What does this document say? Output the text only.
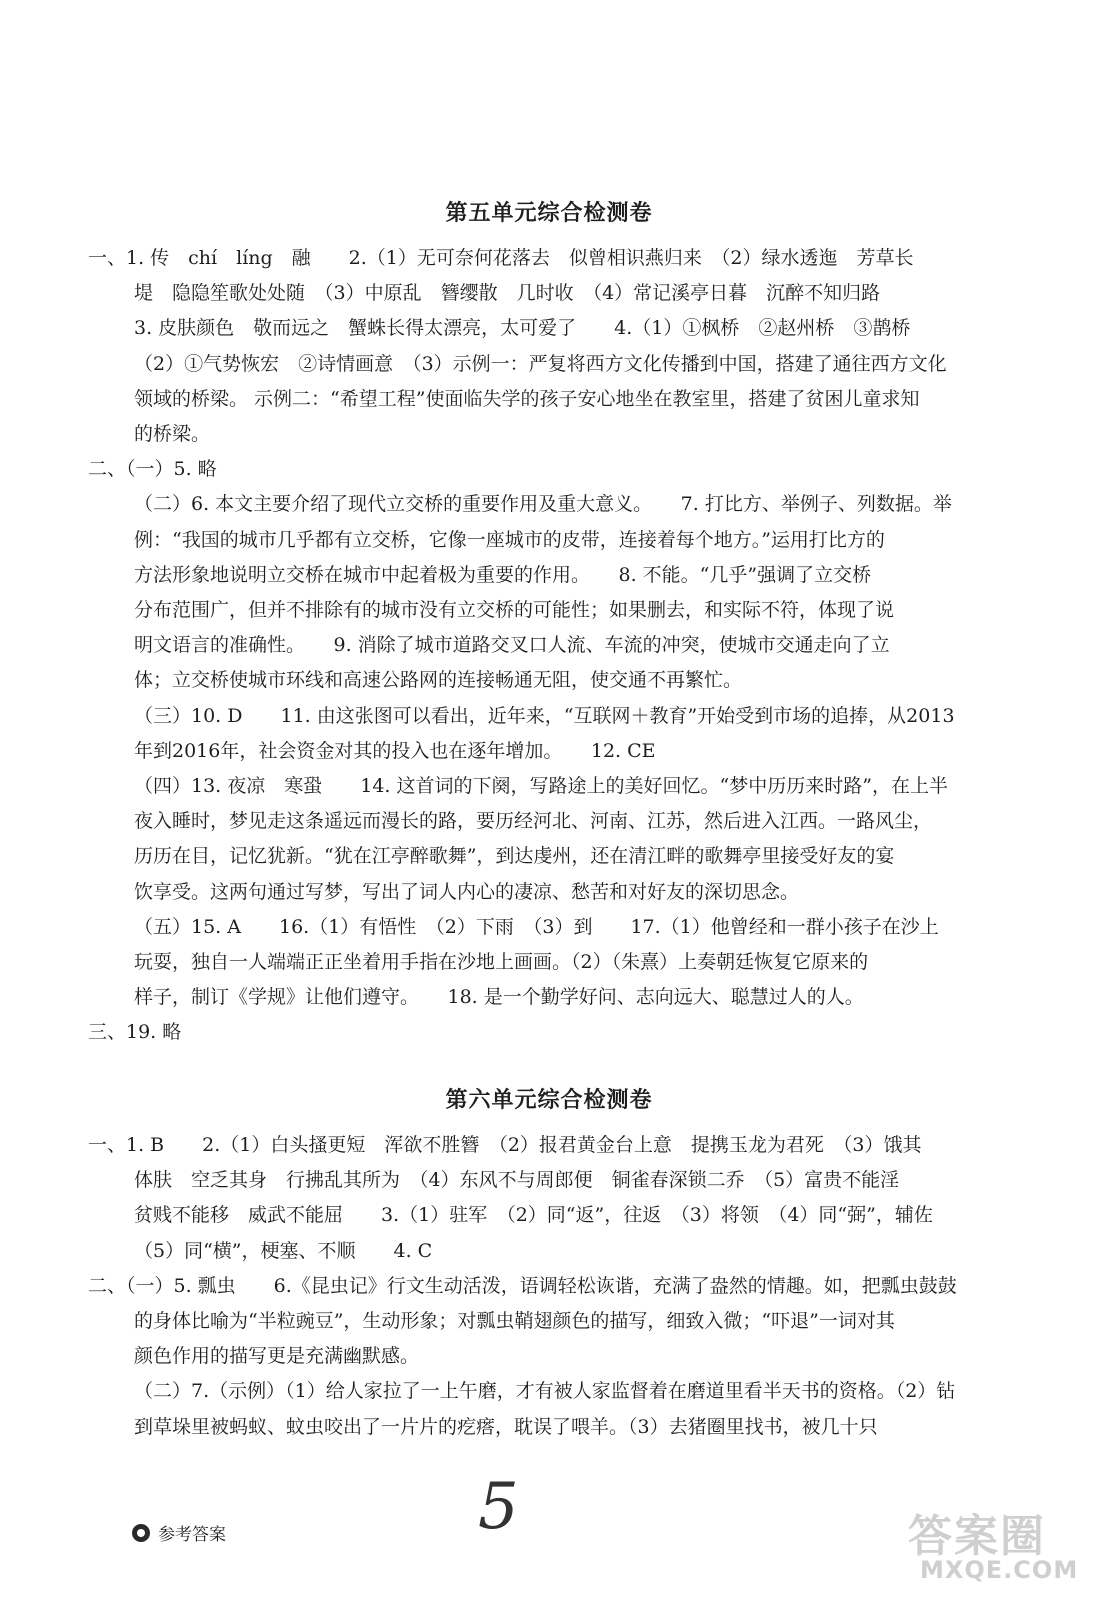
第五单元综合检测卷
一、1. 传　chí　líng　融　　2.（1）无可奈何花落去　似曾相识燕归来　（2）绿水透迤　芳草长
堤　隐隐笙歌处处随　（3）中原乱　簪缨散　几时收　（4）常记溪亭日暮　沉醉不知归路
3. 皮肤颜色　敬而远之　蟹蛛长得太漂亮，太可爱了　　4.（1）①枫桥　②赵州桥　③鹊桥
（2）①气势恢宏　②诗情画意　（3）示例一：严复将西方文化传播到中国，搭建了通往西方文化
领域的桥梁。 示例二：“希望工程”使面临失学的孩子安心地坐在教室里，搭建了贫困儿童求知
的桥梁。
二、（一）5. 略
（二）6. 本文主要介绍了现代立交桥的重要作用及重大意义。　　7. 打比方、举例子、列数据。举
例：“我国的城市几乎都有立交桥，它像一座城市的皮带，连接着每个地方。”运用打比方的
方法形象地说明立交桥在城市中起着极为重要的作用。　　8. 不能。“几乎”强调了立交桥
分布范围广，但并不排除有的城市没有立交桥的可能性；如果删去，和实际不符，体现了说
明文语言的准确性。　　9. 消除了城市道路交叉口人流、车流的冲突，使城市交通走向了立
体；立交桥使城市环线和高速公路网的连接畅通无阻，使交通不再繁忙。
（三）10. D　　11. 由这张图可以看出，近年来，“互联网＋教育”开始受到市场的追捧，从2013
年到2016年，社会资金对其的投入也在逐年增加。　　12. CE
（四）13. 夜凉　寒蛩　　14. 这首词的下阕，写路途上的美好回忆。“梦中历历来时路”，在上半
夜入睡时，梦见走这条遥远而漫长的路，要历经河北、河南、江苏，然后进入江西。一路风尘，
历历在目，记忆犹新。“犹在江亭醉歌舞”，到达虔州，还在清江畔的歌舞亭里接受好友的宴
饮享受。这两句通过写梦，写出了词人内心的凄凉、愁苦和对好友的深切思念。
（五）15. A　　16.（1）有悟性　（2）下雨　（3）到　　17.（1）他曾经和一群小孩子在沙上
玩耍，独自一人端端正正坐着用手指在沙地上画画。（2）（朱熹）上奏朝廷恢复它原来的
样子，制订《学规》让他们遵守。　　18. 是一个勤学好问、志向远大、聪慧过人的人。
三、19. 略
第六单元综合检测卷
一、1. B　　2.（1）白头搔更短　浑欲不胜簪　（2）报君黄金台上意　提携玉龙为君死　（3）饿其
体肤　空乏其身　行拂乱其所为　（4）东风不与周郎便　铜雀春深锁二乔　（5）富贵不能淫
贫贱不能移　威武不能屈　　3.（1）驻军　（2）同“返”，往返　（3）将领　（4）同“弼”，辅佐
（5）同“横”，梗塞、不顺　　4. C
二、（一）5. 瓢虫　　6.《昆虫记》行文生动活泼，语调轻松诙谐，充满了盎然的情趣。如，把瓢虫鼓鼓
的身体比喻为“半粒豌豆”，生动形象；对瓢虫鞘翅颜色的描写，细致入微；“吓退”一词对其
颜色作用的描写更是充满幽默感。
（二）7.（示例）（1）给人家拉了一上午磨，才有被人家监督着在磨道里看半天书的资格。（2）钻
到草垛里被蚂蚁、蚊虫咬出了一片片的疙瘩，耽误了喂羊。（3）去猪圈里找书，被几十只
参考答案	5	答案圈
MXQE.COM
